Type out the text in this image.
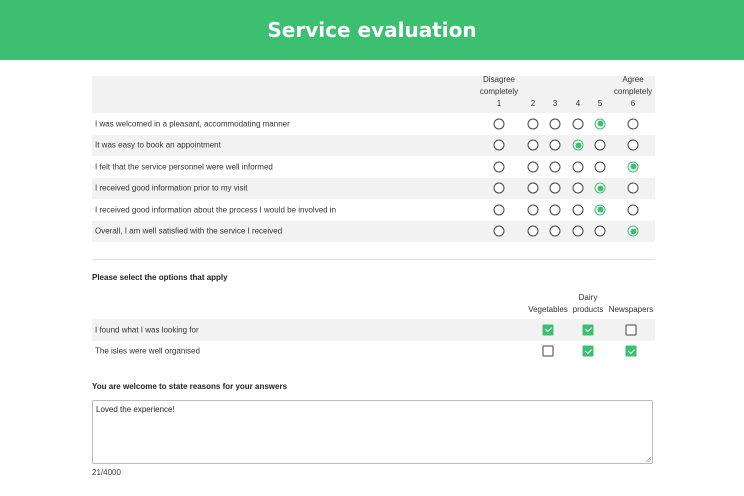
Service evaluation
Disagree
completely
1	2 3 4 5
Agree
completely
6
I was welcomed in a pleasant, accommodating manner
It was easy to book an appointment
I felt that the service personnel were well informed
I received good information prior to my visit
I received good information about the process I would be involved in
Overall, I am well satisfied with the service I received
Please select the options that apply
Vegetables
Dairy
products Newspapers
I found what I was looking for
The isles were well organised
You are welcome to state reasons for your answers
Loved the experience!
21/4000
